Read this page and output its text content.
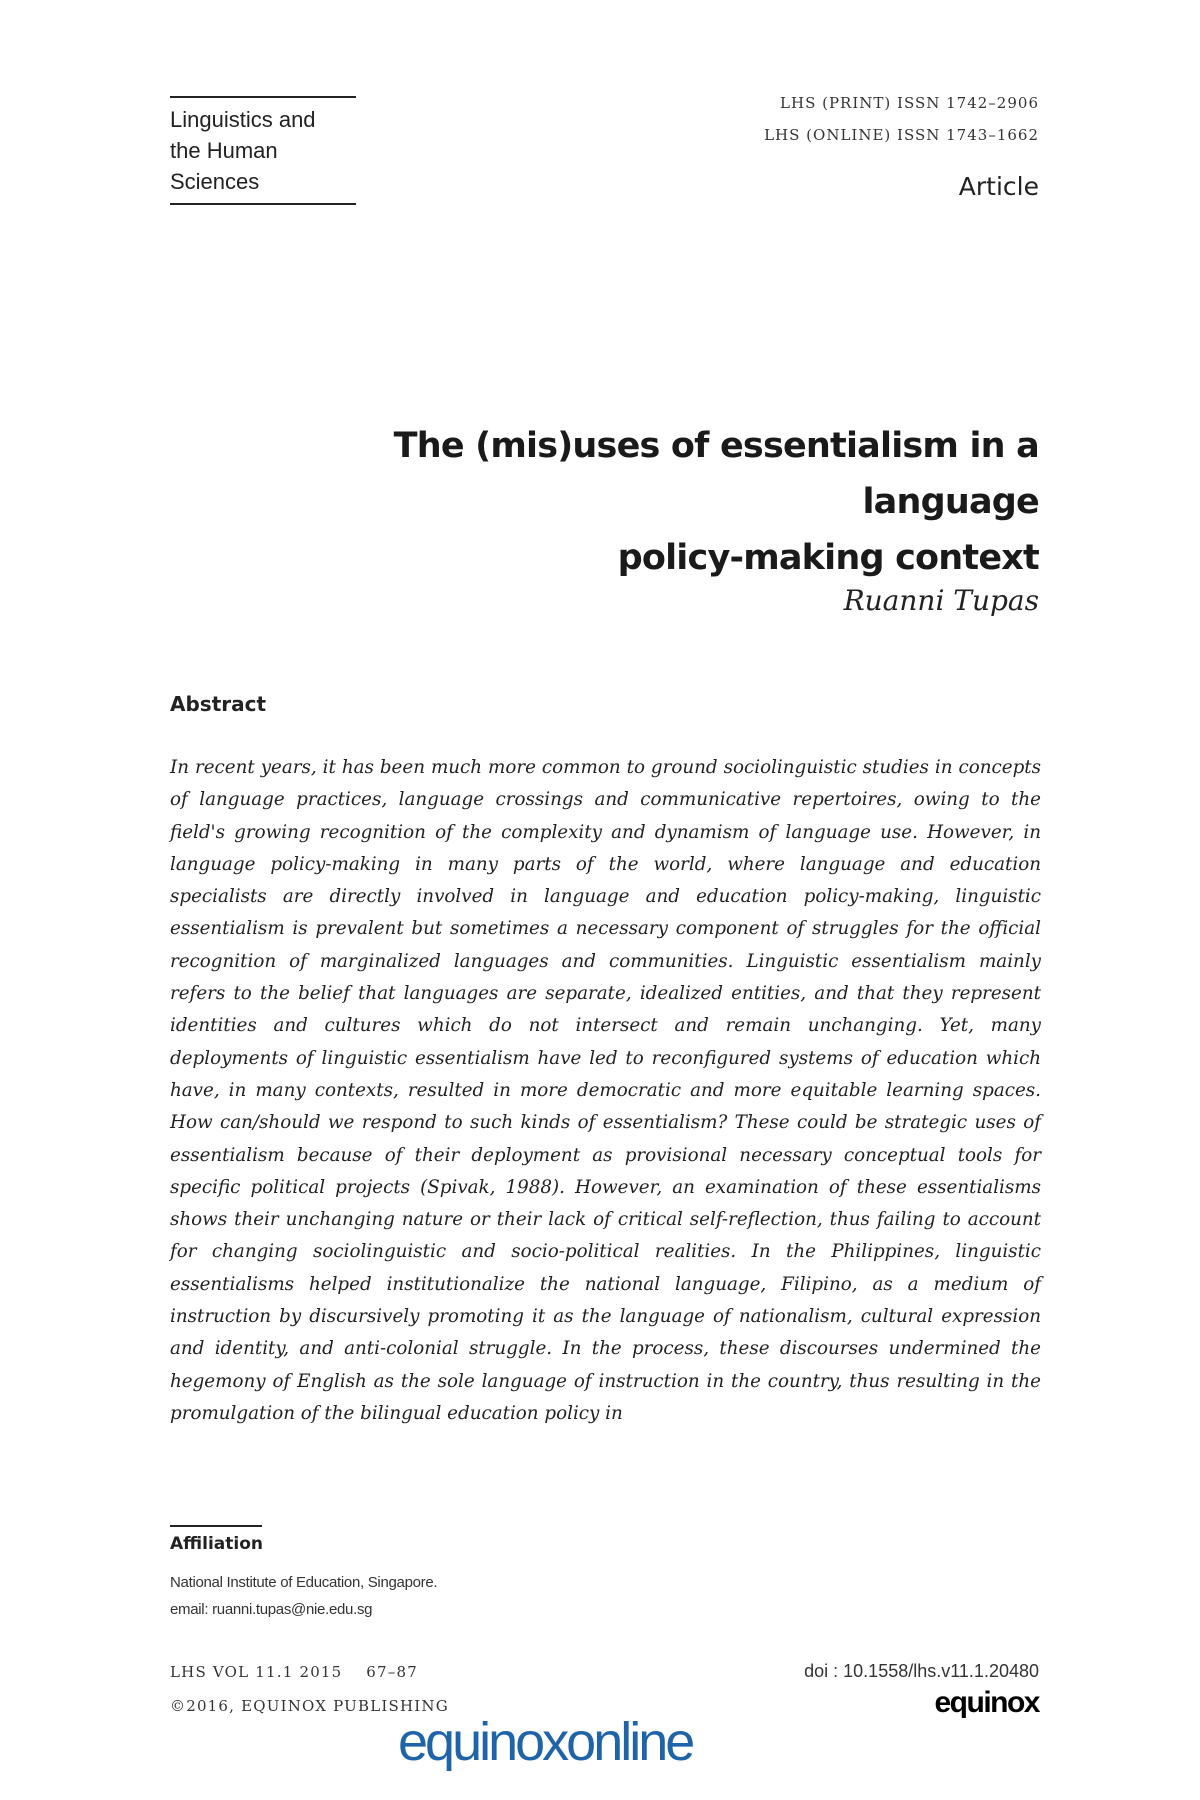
Linguistics and
the Human
Sciences
LHS (PRINT) ISSN 1742–2906
LHS (ONLINE) ISSN 1743–1662
Article
The (mis)uses of essentialism in a language
policy-making context
Ruanni Tupas
Abstract
In recent years, it has been much more common to ground sociolinguistic studies in concepts of language practices, language crossings and communicative repertoires, owing to the field's growing recognition of the complexity and dynamism of language use. However, in language policy-making in many parts of the world, where language and education specialists are directly involved in language and education policy-making, linguistic essentialism is prevalent but sometimes a necessary component of struggles for the official recognition of marginalized languages and communities. Linguistic essentialism mainly refers to the belief that languages are separate, idealized entities, and that they represent identities and cultures which do not intersect and remain unchanging. Yet, many deployments of linguistic essentialism have led to reconfigured systems of education which have, in many contexts, resulted in more democratic and more equitable learning spaces. How can/should we respond to such kinds of essentialism? These could be strategic uses of essentialism because of their deployment as provisional necessary conceptual tools for specific political projects (Spivak, 1988). However, an examination of these essentialisms shows their unchanging nature or their lack of critical self-reflection, thus failing to account for changing sociolinguistic and socio-political realities. In the Philippines, linguistic essentialisms helped institutionalize the national language, Filipino, as a medium of instruction by discursively promoting it as the language of nationalism, cultural expression and identity, and anti-colonial struggle. In the process, these discourses undermined the hegemony of English as the sole language of instruction in the country, thus resulting in the promulgation of the bilingual education policy in
Affiliation
National Institute of Education, Singapore.
email: ruanni.tupas@nie.edu.sg
LHS VOL 11.1 2015    67–87
©2016, EQUINOX PUBLISHING
doi : 10.1558/lhs.v11.1.20480
equinox
equinoxonline
